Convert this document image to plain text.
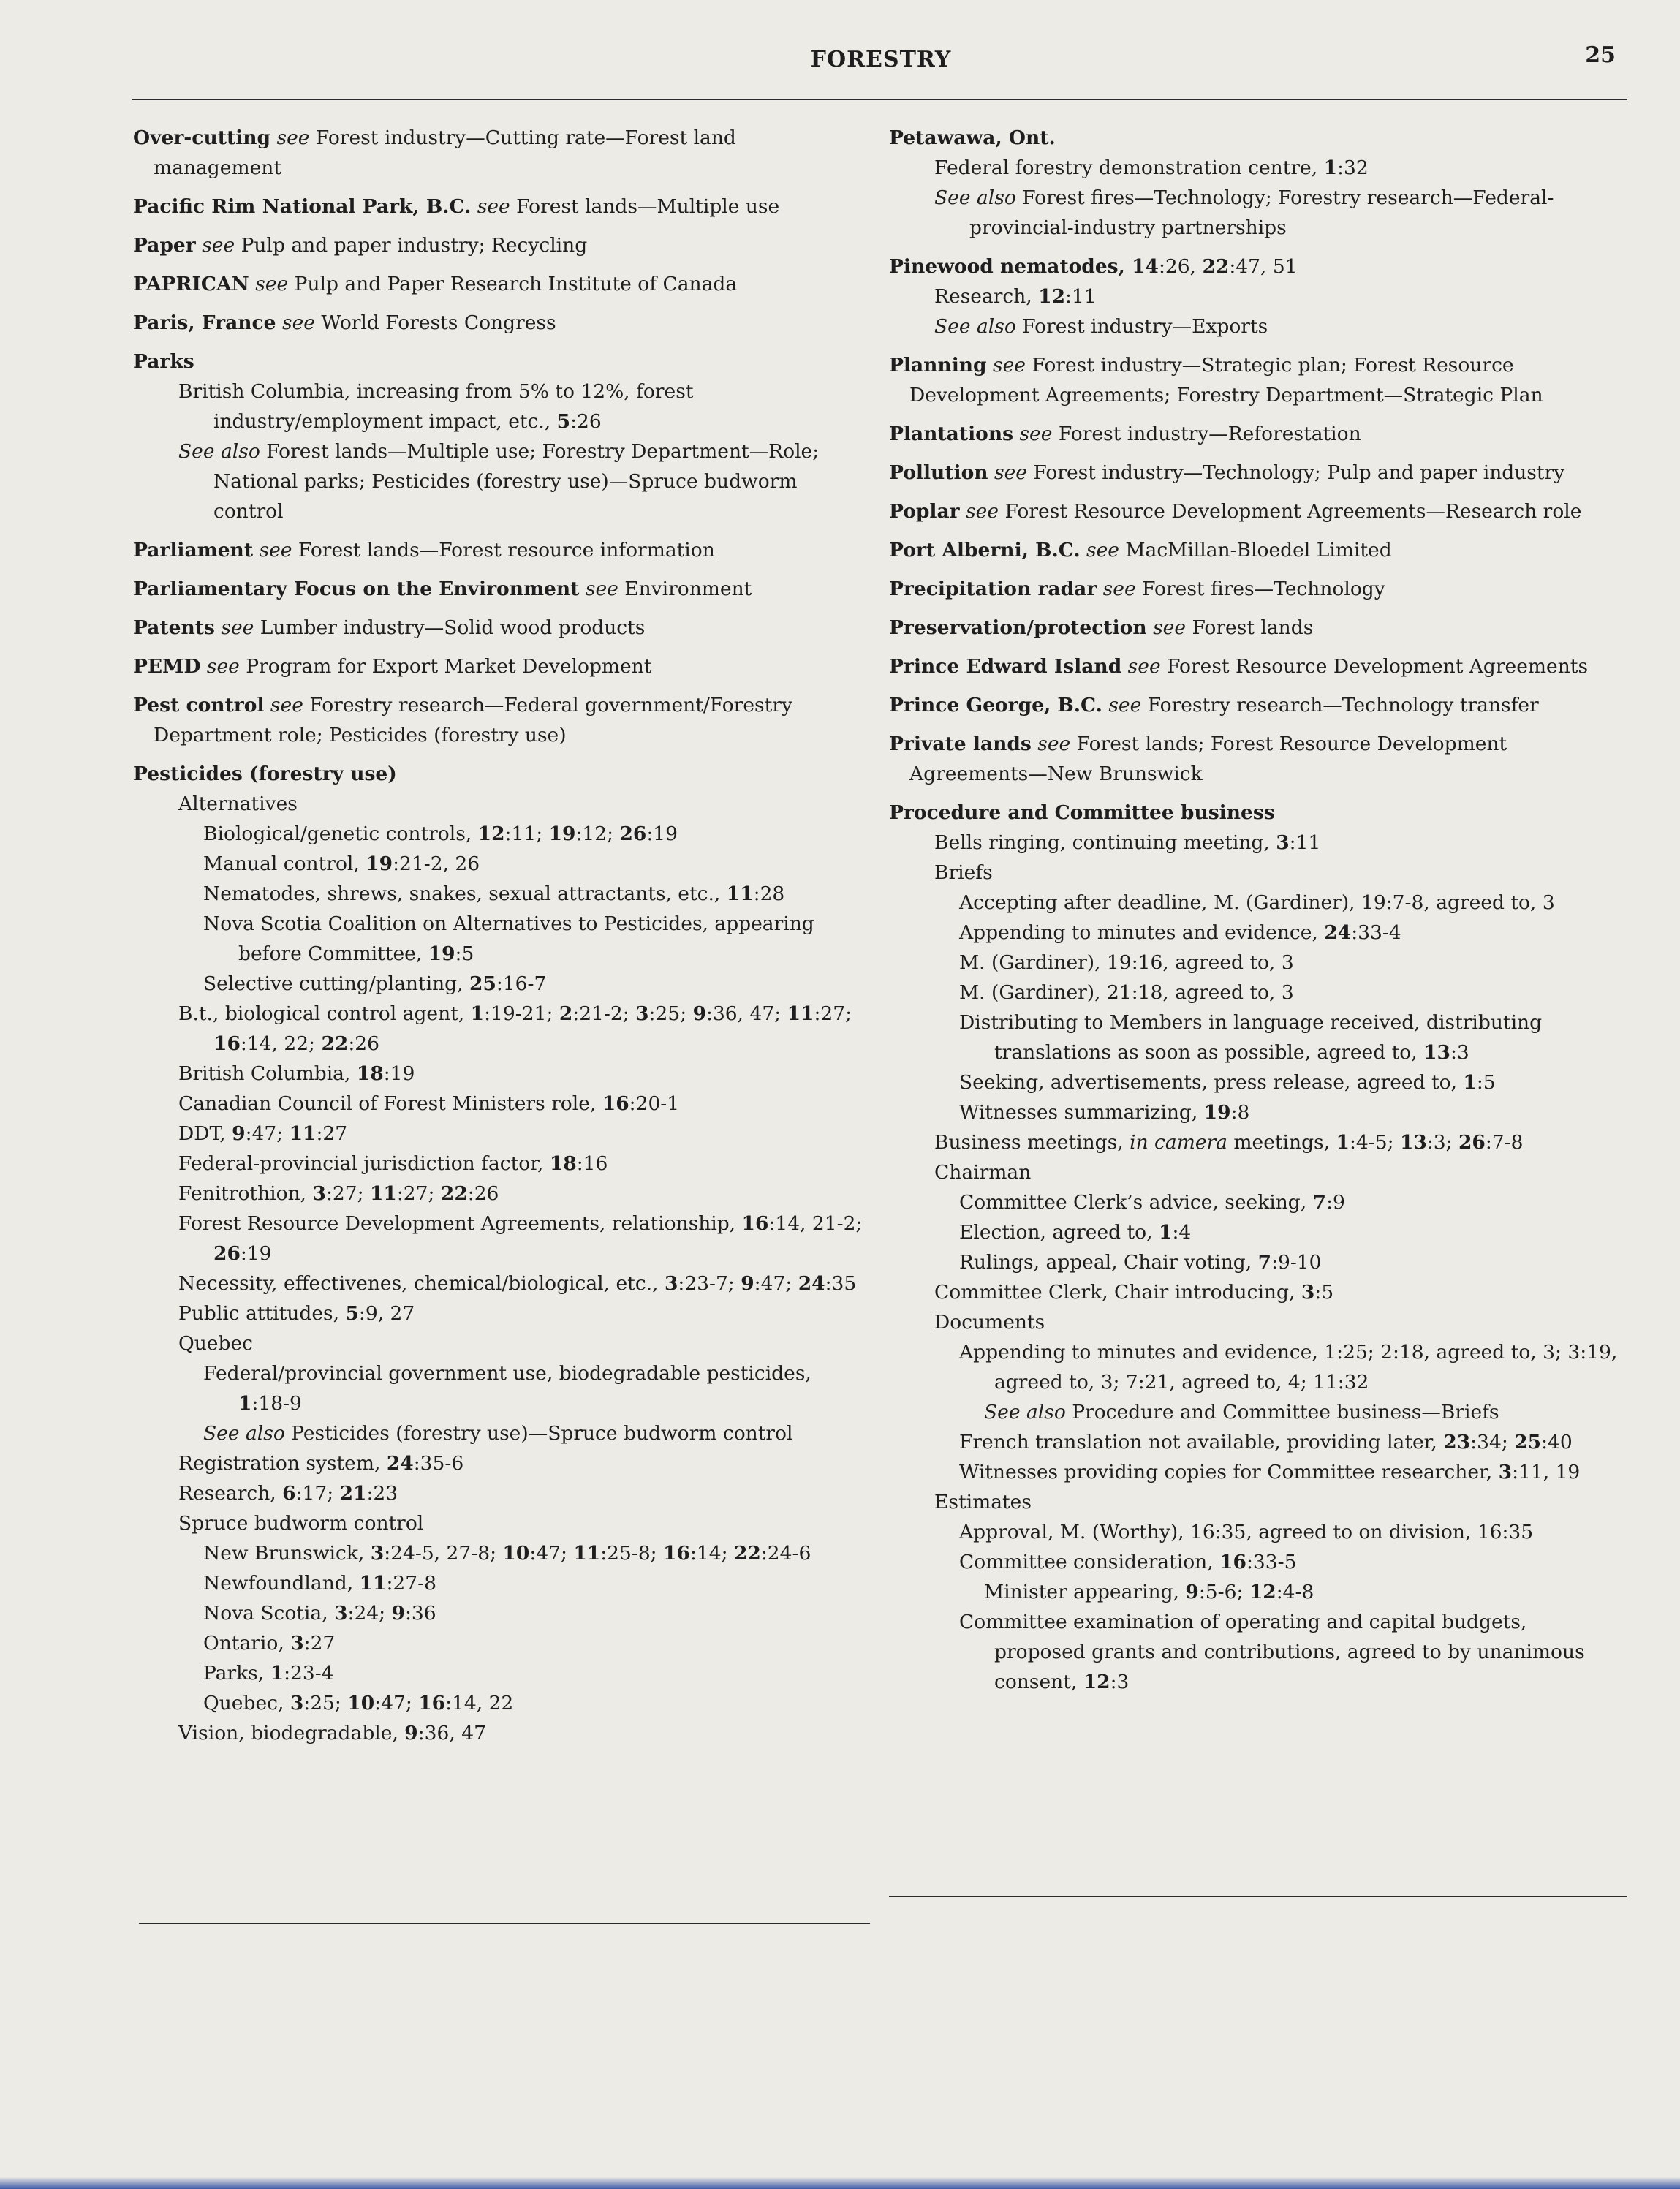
FORESTRY	25
Over-cutting see Forest industry—Cutting rate—Forest land management
Pacific Rim National Park, B.C. see Forest lands—Multiple use
Paper see Pulp and paper industry; Recycling
PAPRICAN see Pulp and Paper Research Institute of Canada
Paris, France see World Forests Congress
Parks
British Columbia, increasing from 5% to 12%, forest industry/employment impact, etc., 5:26
See also Forest lands—Multiple use; Forestry Department—Role; National parks; Pesticides (forestry use)—Spruce budworm control
Parliament see Forest lands—Forest resource information
Parliamentary Focus on the Environment see Environment
Patents see Lumber industry—Solid wood products
PEMD see Program for Export Market Development
Pest control see Forestry research—Federal government/Forestry Department role; Pesticides (forestry use)
Pesticides (forestry use)
Alternatives
Biological/genetic controls, 12:11; 19:12; 26:19
Manual control, 19:21-2, 26
Nematodes, shrews, snakes, sexual attractants, etc., 11:28
Nova Scotia Coalition on Alternatives to Pesticides, appearing before Committee, 19:5
Selective cutting/planting, 25:16-7
B.t., biological control agent, 1:19-21; 2:21-2; 3:25; 9:36, 47; 11:27; 16:14, 22; 22:26
British Columbia, 18:19
Canadian Council of Forest Ministers role, 16:20-1
DDT, 9:47; 11:27
Federal-provincial jurisdiction factor, 18:16
Fenitrothion, 3:27; 11:27; 22:26
Forest Resource Development Agreements, relationship, 16:14, 21-2; 26:19
Necessity, effectivenes, chemical/biological, etc., 3:23-7; 9:47; 24:35
Public attitudes, 5:9, 27
Quebec
Federal/provincial government use, biodegradable pesticides, 1:18-9
See also Pesticides (forestry use)—Spruce budworm control
Registration system, 24:35-6
Research, 6:17; 21:23
Spruce budworm control
New Brunswick, 3:24-5, 27-8; 10:47; 11:25-8; 16:14; 22:24-6
Newfoundland, 11:27-8
Nova Scotia, 3:24; 9:36
Ontario, 3:27
Parks, 1:23-4
Quebec, 3:25; 10:47; 16:14, 22
Vision, biodegradable, 9:36, 47
Petawawa, Ont.
Federal forestry demonstration centre, 1:32
See also Forest fires—Technology; Forestry research—Federal-provincial-industry partnerships
Pinewood nematodes, 14:26, 22:47, 51
Research, 12:11
See also Forest industry—Exports
Planning see Forest industry—Strategic plan; Forest Resource Development Agreements; Forestry Department—Strategic Plan
Plantations see Forest industry—Reforestation
Pollution see Forest industry—Technology; Pulp and paper industry
Poplar see Forest Resource Development Agreements—Research role
Port Alberni, B.C. see MacMillan-Bloedel Limited
Precipitation radar see Forest fires—Technology
Preservation/protection see Forest lands
Prince Edward Island see Forest Resource Development Agreements
Prince George, B.C. see Forestry research—Technology transfer
Private lands see Forest lands; Forest Resource Development Agreements—New Brunswick
Procedure and Committee business
Bells ringing, continuing meeting, 3:11
Briefs
Accepting after deadline, M. (Gardiner), 19:7-8, agreed to, 3
Appending to minutes and evidence, 24:33-4
M. (Gardiner), 19:16, agreed to, 3
M. (Gardiner), 21:18, agreed to, 3
Distributing to Members in language received, distributing translations as soon as possible, agreed to, 13:3
Seeking, advertisements, press release, agreed to, 1:5
Witnesses summarizing, 19:8
Business meetings, in camera meetings, 1:4-5; 13:3; 26:7-8
Chairman
Committee Clerk’s advice, seeking, 7:9
Election, agreed to, 1:4
Rulings, appeal, Chair voting, 7:9-10
Committee Clerk, Chair introducing, 3:5
Documents
Appending to minutes and evidence, 1:25; 2:18, agreed to, 3; 3:19, agreed to, 3; 7:21, agreed to, 4; 11:32
See also Procedure and Committee business—Briefs
French translation not available, providing later, 23:34; 25:40
Witnesses providing copies for Committee researcher, 3:11, 19
Estimates
Approval, M. (Worthy), 16:35, agreed to on division, 16:35
Committee consideration, 16:33-5
Minister appearing, 9:5-6; 12:4-8
Committee examination of operating and capital budgets, proposed grants and contributions, agreed to by unanimous consent, 12:3
